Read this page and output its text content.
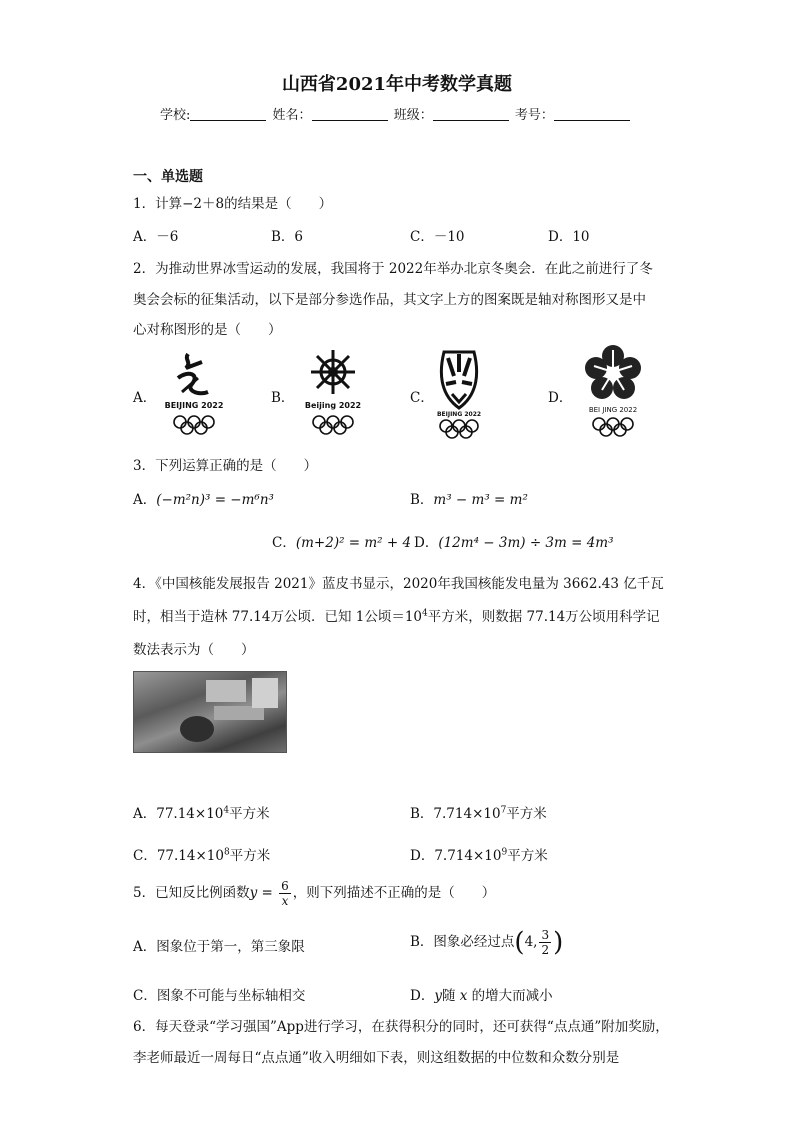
山西省2021年中考数学真题
学校:	姓名：	班级：	考号：
一、单选题
1．计算−2＋8的结果是（　　）
A．－6	B．6	C．－10	D．10
2．为推动世界冰雪运动的发展，我国将于 2022年举办北京冬奥会．在此之前进行了冬
奥会会标的征集活动，以下是部分参选作品，其文字上方的图案既是轴对称图形又是中
心对称图形的是（　　）
A．	B．	C．	D．
BEIJING 2022	Beijing 2022
BEIJING 2022
BEI JING 2022
3．下列运算正确的是（　　）
A．(−m²n)³ = −m⁶n³	B．m³ − m³ = m²
C．(m+2)² = m² + 4 D．(12m⁴ − 3m) ÷ 3m = 4m³
4．《中国核能发展报告 2021》蓝皮书显示，2020年我国核能发电量为 3662.43 亿千瓦
时，相当于造林 77.14万公顷．已知 1公顷$=10^4$平方米，则数据 77.14万公顷用科学记
数法表示为（　　）
A．$77.14\times 10^4$平方米	B．$7.714\times 10^7$平方米
C．$77.14\times 10^8$平方米	D．$7.714\times 10^9$平方米
5．已知反比例函数$y = \frac{6}{x}$ ，则下列描述不正确的是（　　）
A．图象位于第一，第三象限	B．图象必经过点(4, $\frac{3}{2}$ )
C．图象不可能与坐标轴相交	D．y随 x 的增大而减小
6．每天登录“学习强国”App进行学习，在获得积分的同时，还可获得“点点通”附加奖励，
李老师最近一周每日“点点通”收入明细如下表，则这组数据的中位数和众数分别是
